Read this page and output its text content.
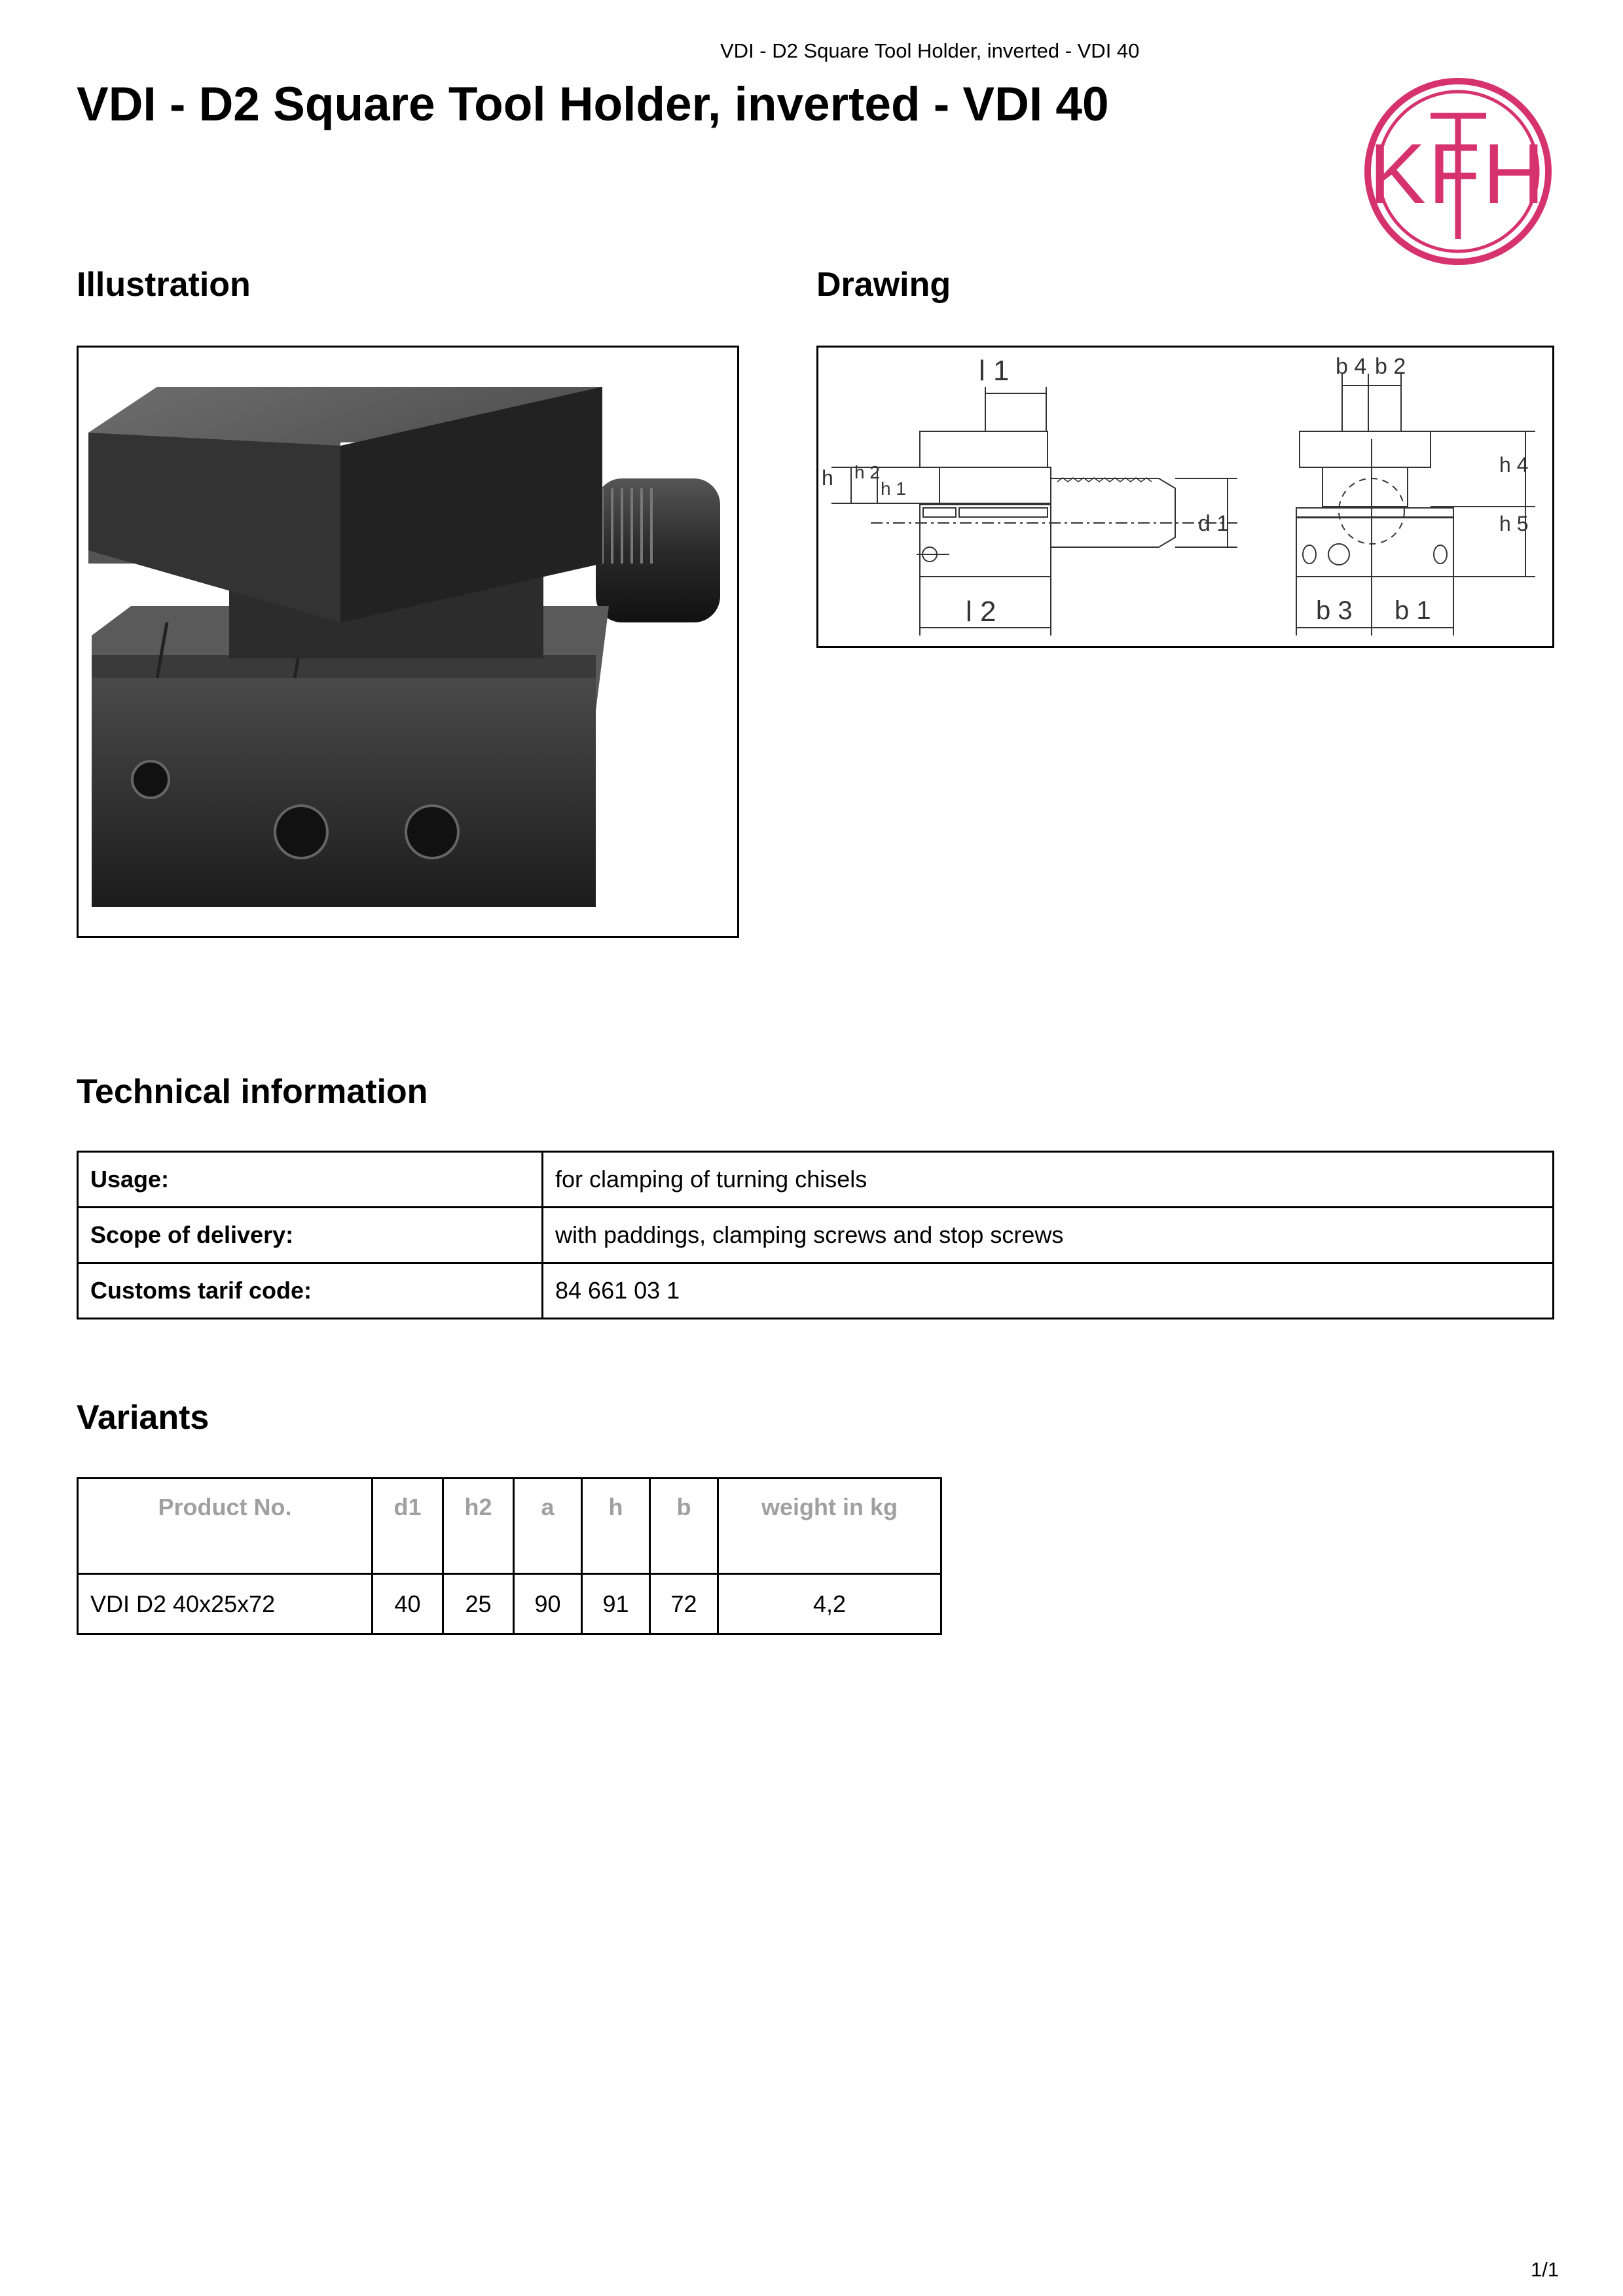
VDI - D2 Square Tool Holder, inverted - VDI 40
VDI - D2 Square Tool Holder, inverted - VDI 40
KFH
Illustration	Drawing
l 1
l 2
h h 2
h 1
d 1
b 4 b 2
b 3 b 1
h 4
h 5
Technical information
Usage:	for clamping of turning chisels
Scope of delivery:	with paddings, clamping screws and stop screws
Customs tarif code:	84 661 03 1
Variants
Product No.	d1	h2	a	h	b	weight in kg
VDI D2 40x25x72	40	25	90	91	72	4,2
1/1
